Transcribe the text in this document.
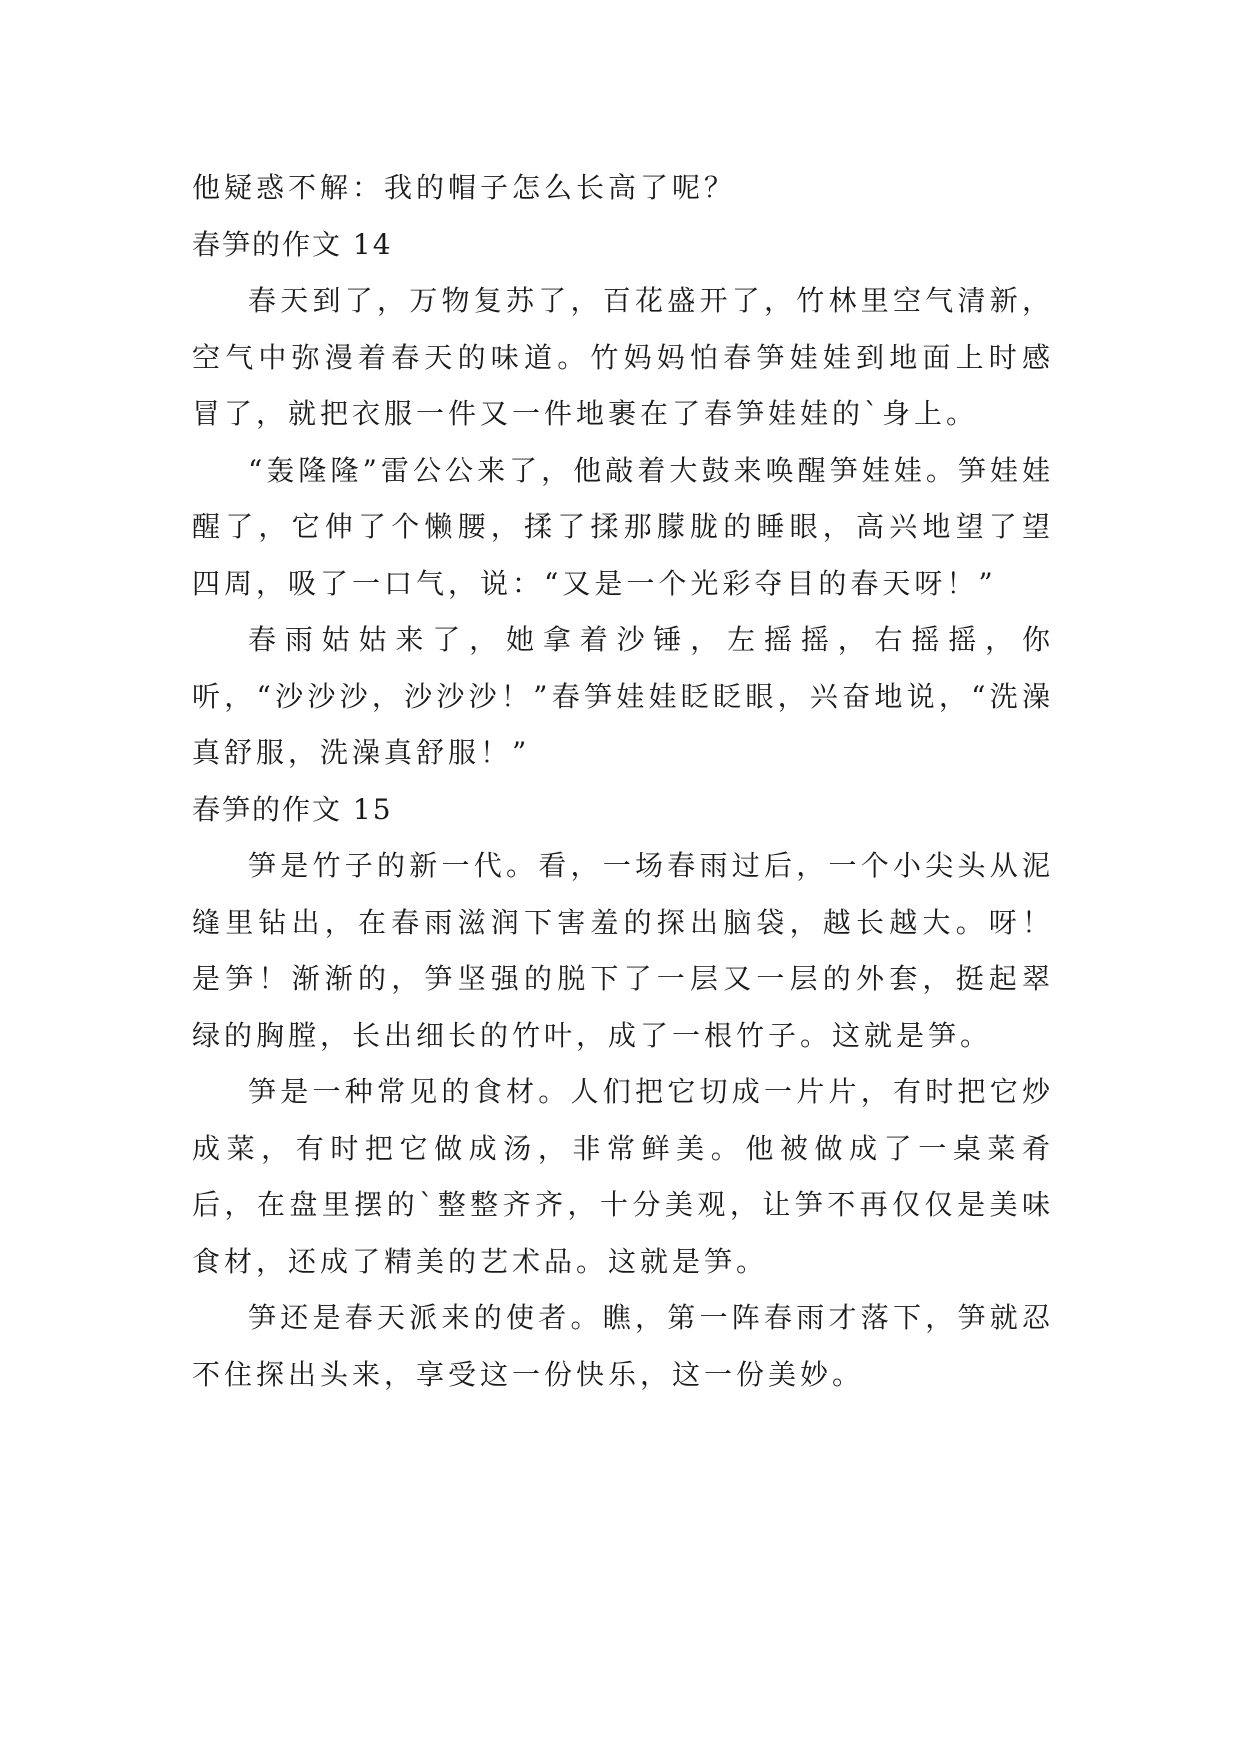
他疑惑不解：我的帽子怎么长高了呢？

春笋的作文 14

春天到了，万物复苏了，百花盛开了，竹林里空气清新，空气中弥漫着春天的味道。竹妈妈怕春笋娃娃到地面上时感冒了，就把衣服一件又一件地裹在了春笋娃娃的`身上。

“轰隆隆”雷公公来了，他敲着大鼓来唤醒笋娃娃。笋娃娃醒了，它伸了个懒腰，揉了揉那朦胧的睡眼，高兴地望了望四周，吸了一口气，说：“又是一个光彩夺目的春天呀！”

春雨姑姑来了，她拿着沙锤，左摇摇，右摇摇，你听，“沙沙沙，沙沙沙！”春笋娃娃眨眨眼，兴奋地说，“洗澡真舒服，洗澡真舒服！”

春笋的作文 15

笋是竹子的新一代。看，一场春雨过后，一个小尖头从泥缝里钻出，在春雨滋润下害羞的探出脑袋，越长越大。呀！是笋！渐渐的，笋坚强的脱下了一层又一层的外套，挺起翠绿的胸膛，长出细长的竹叶，成了一根竹子。这就是笋。

笋是一种常见的食材。人们把它切成一片片，有时把它炒成菜，有时把它做成汤，非常鲜美。他被做成了一桌菜肴后，在盘里摆的`整整齐齐，十分美观，让笋不再仅仅是美味食材，还成了精美的艺术品。这就是笋。

笋还是春天派来的使者。瞧，第一阵春雨才落下，笋就忍不住探出头来，享受这一份快乐，这一份美妙。
